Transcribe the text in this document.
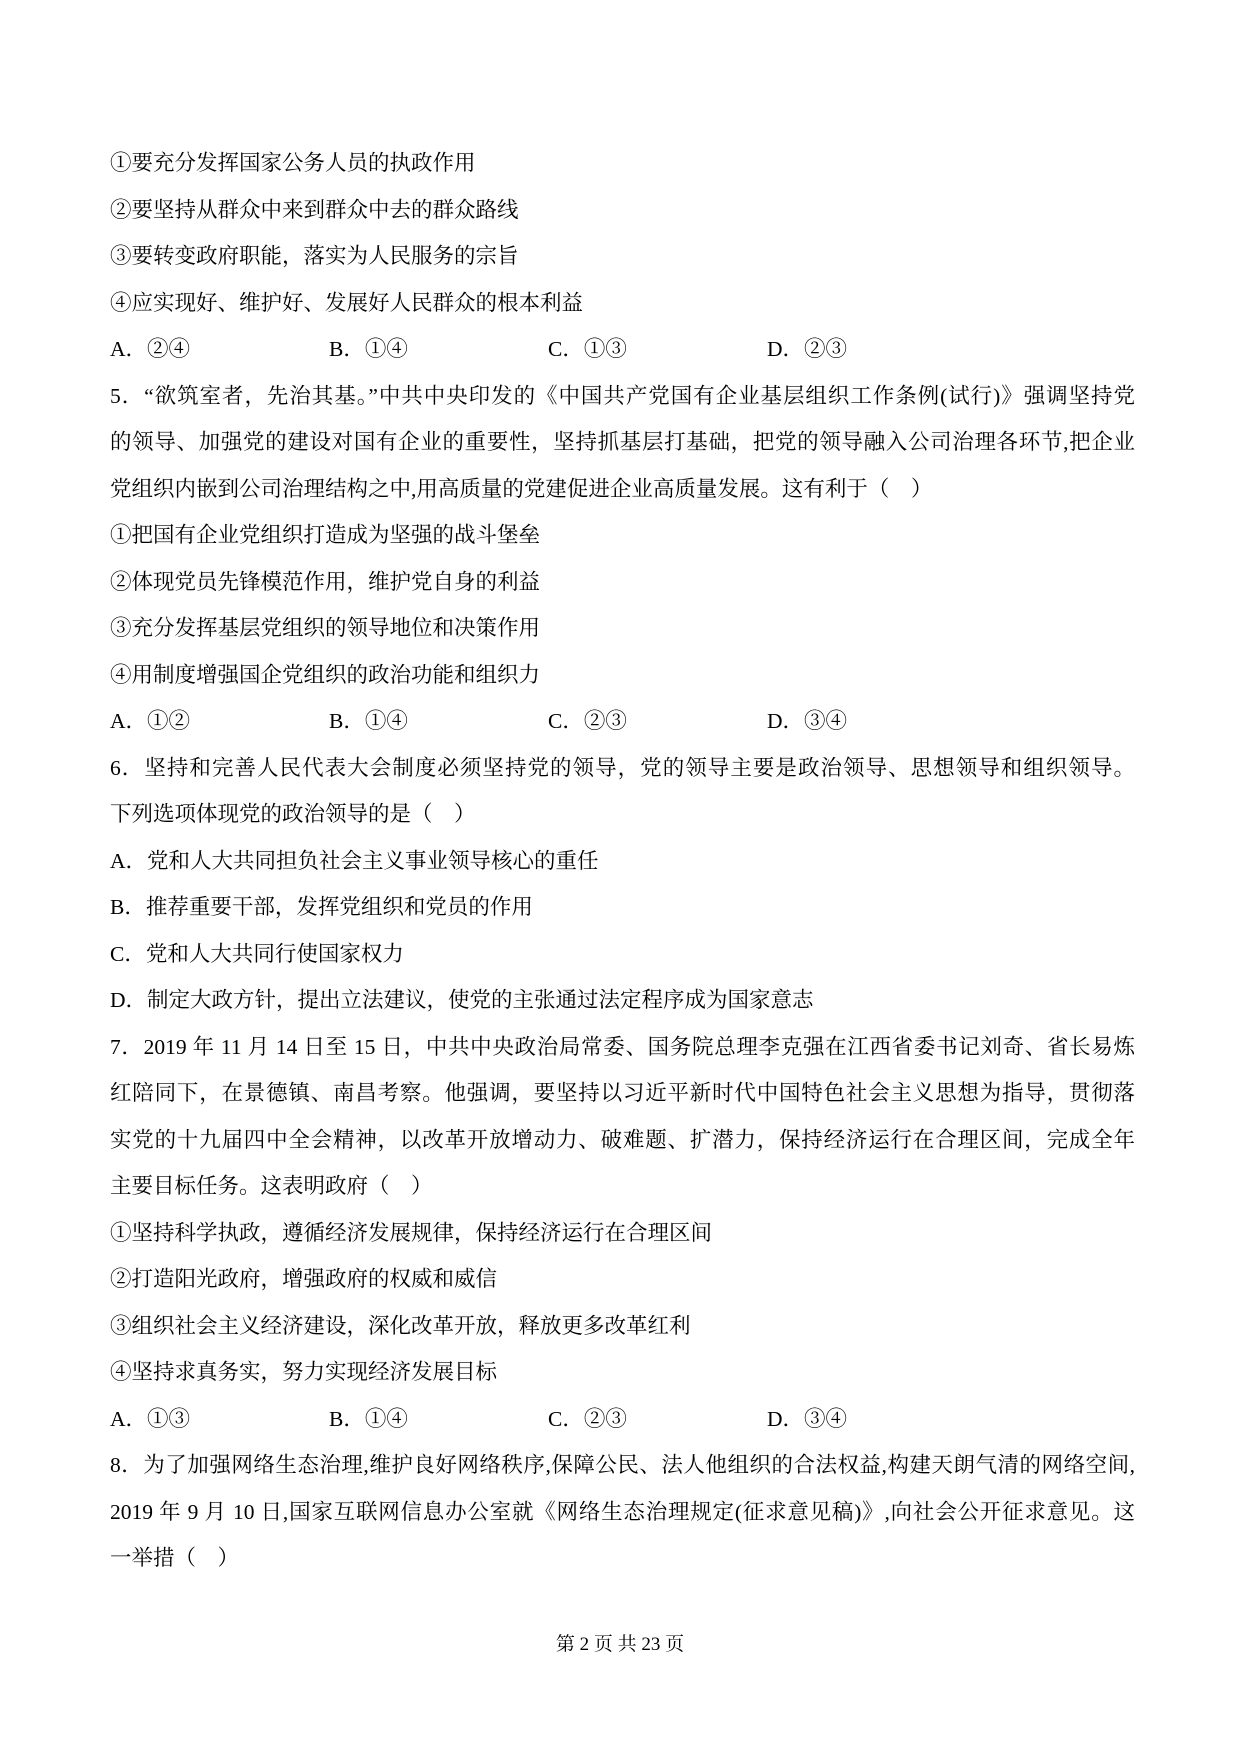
①要充分发挥国家公务人员的执政作用
②要坚持从群众中来到群众中去的群众路线
③要转变政府职能，落实为人民服务的宗旨
④应实现好、维护好、发展好人民群众的根本利益
A．②④	B．①④	C．①③	D．②③
5．“欲筑室者，先治其基。”中共中央印发的《中国共产党国有企业基层组织工作条例(试行)》强调坚持党
的领导、加强党的建设对国有企业的重要性，坚持抓基层打基础，把党的领导融入公司治理各环节,把企业
党组织内嵌到公司治理结构之中,用高质量的党建促进企业高质量发展。这有利于（　）
①把国有企业党组织打造成为坚强的战斗堡垒
②体现党员先锋模范作用，维护党自身的利益
③充分发挥基层党组织的领导地位和决策作用
④用制度增强国企党组织的政治功能和组织力
A．①②	B．①④	C．②③	D．③④
6．坚持和完善人民代表大会制度必须坚持党的领导，党的领导主要是政治领导、思想领导和组织领导。
下列选项体现党的政治领导的是（　）
A．党和人大共同担负社会主义事业领导核心的重任
B．推荐重要干部，发挥党组织和党员的作用
C．党和人大共同行使国家权力
D．制定大政方针，提出立法建议，使党的主张通过法定程序成为国家意志
7．2019 年 11 月 14 日至 15 日，中共中央政治局常委、国务院总理李克强在江西省委书记刘奇、省长易炼
红陪同下，在景德镇、南昌考察。他强调，要坚持以习近平新时代中国特色社会主义思想为指导，贯彻落
实党的十九届四中全会精神，以改革开放增动力、破难题、扩潜力，保持经济运行在合理区间，完成全年
主要目标任务。这表明政府（　）
①坚持科学执政，遵循经济发展规律，保持经济运行在合理区间
②打造阳光政府，增强政府的权威和威信
③组织社会主义经济建设，深化改革开放，释放更多改革红利
④坚持求真务实，努力实现经济发展目标
A．①③	B．①④	C．②③	D．③④
8．为了加强网络生态治理,维护良好网络秩序,保障公民、法人他组织的合法权益,构建天朗气清的网络空间,
2019 年 9 月 10 日,国家互联网信息办公室就《网络生态治理规定(征求意见稿)》,向社会公开征求意见。这
一举措（　）
第 2 页 共 23 页
